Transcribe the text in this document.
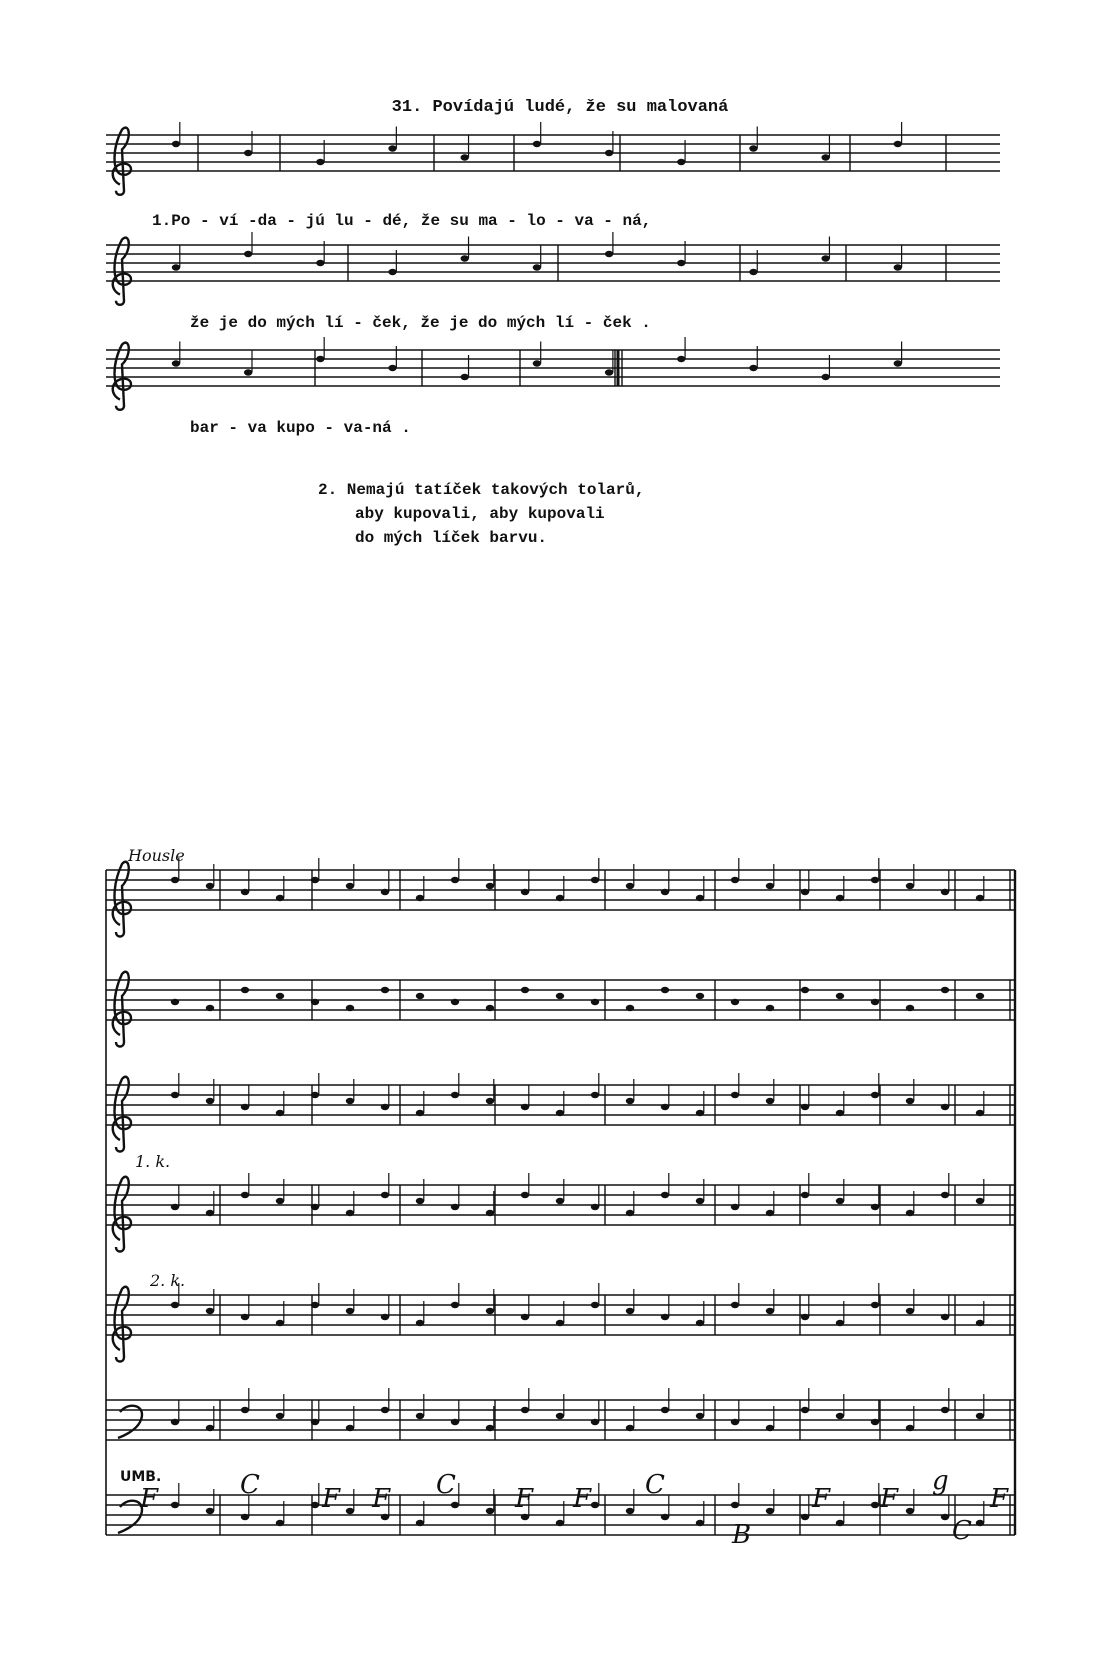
31. Povídajú ludé, že su malovaná
1.Po - ví -da - jú lu - dé, že su ma - lo - va - ná,
že je do mých lí - ček, že je do mých lí - ček .
bar - va kupo - va-ná .
2. Nemajú tatíček takových tolarů,
aby kupovali, aby kupovali
do mých líček barvu.
Housle
1. k.
2. k.
UMB.
F	C F F C F F C
B
F F
g
C
F
